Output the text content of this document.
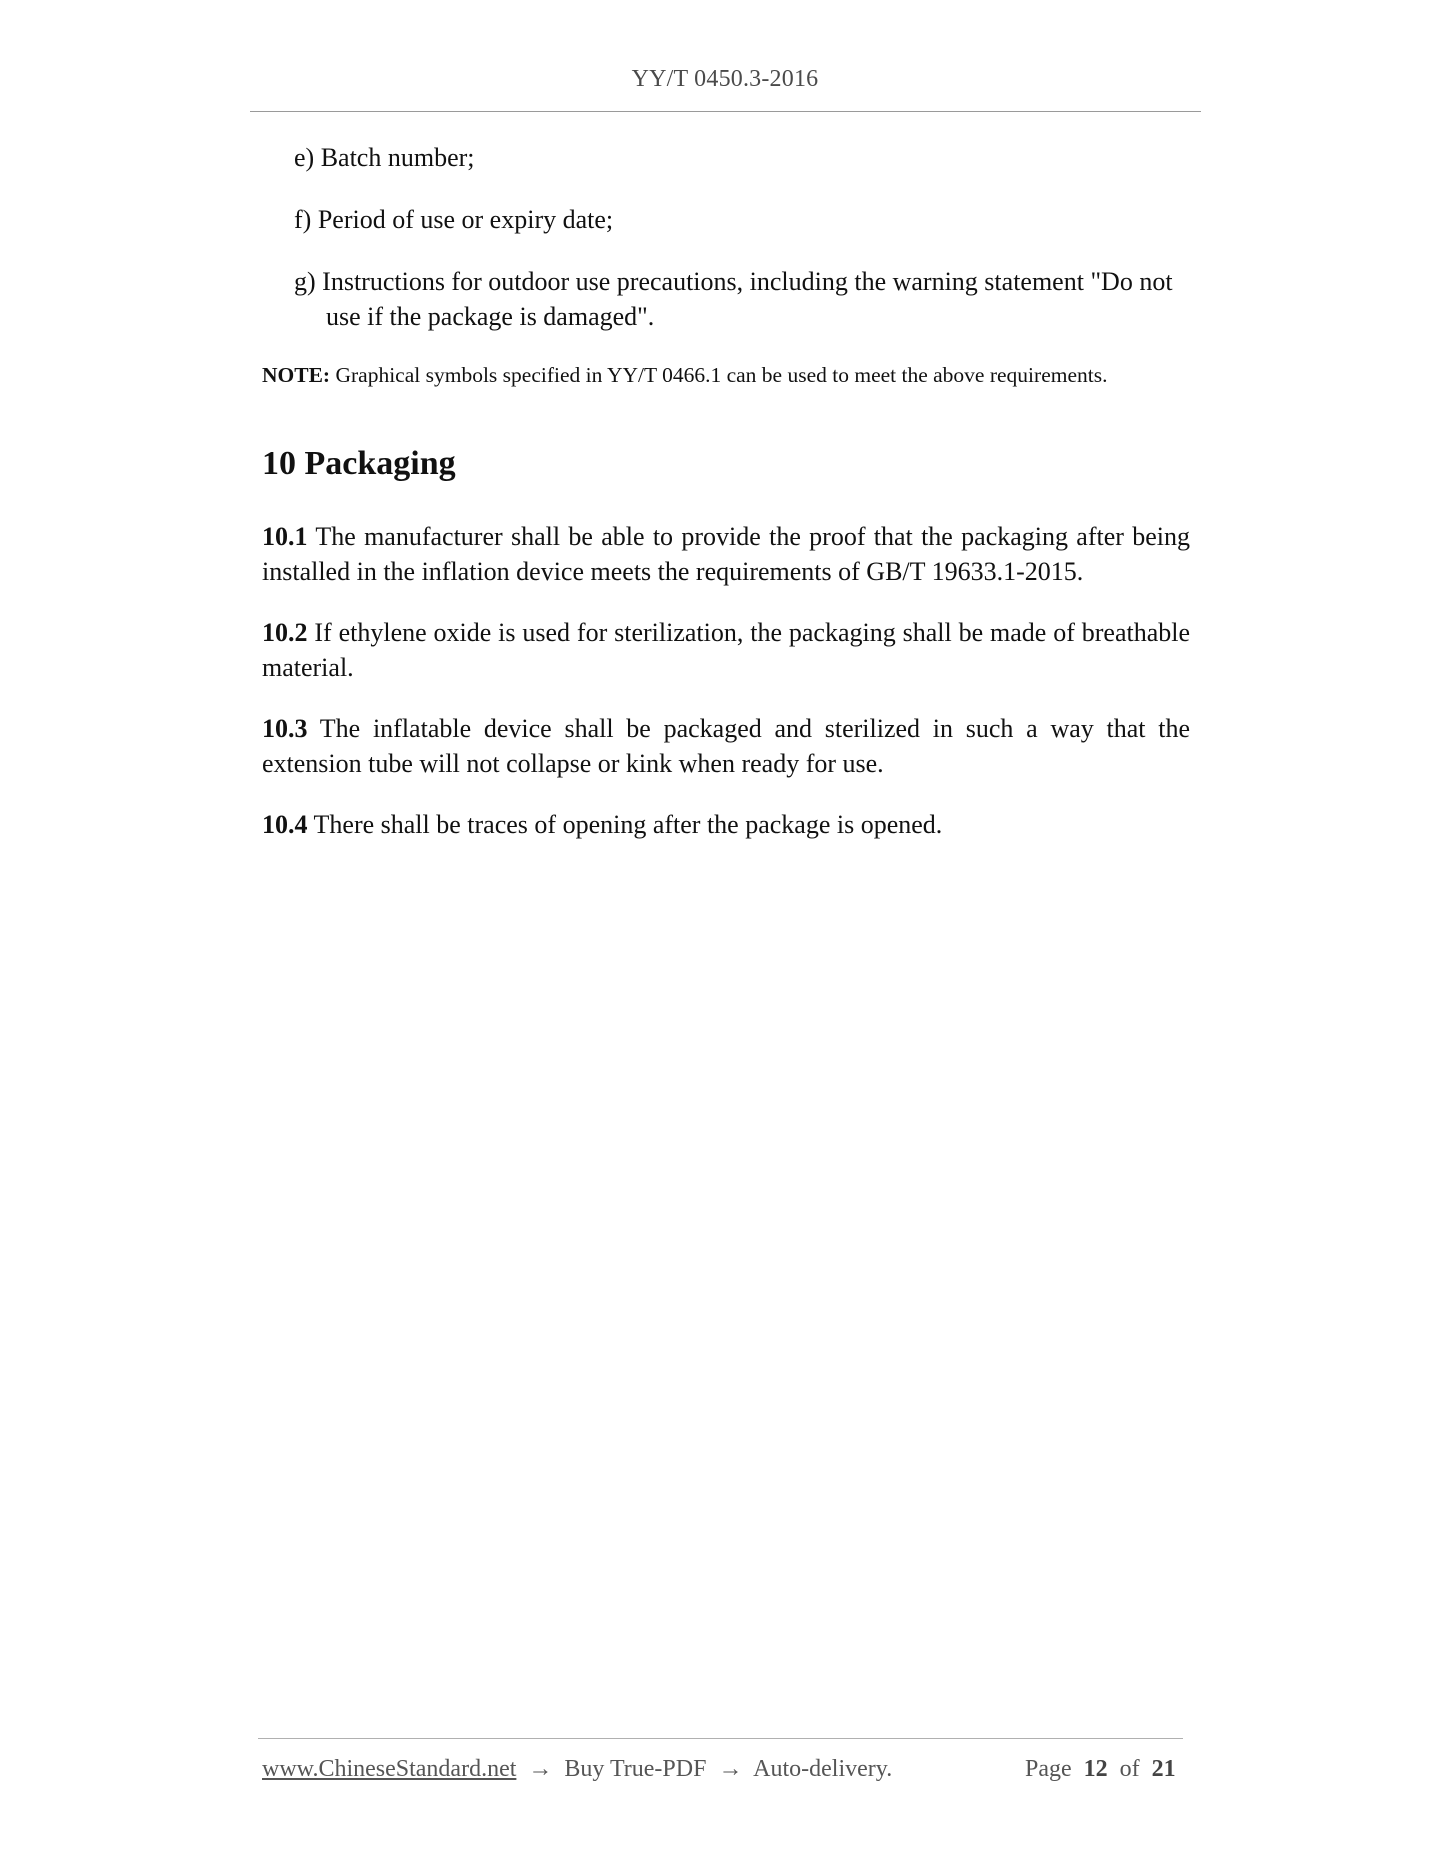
YY/T 0450.3-2016
e) Batch number;
f) Period of use or expiry date;
g) Instructions for outdoor use precautions, including the warning statement "Do not use if the package is damaged".
NOTE: Graphical symbols specified in YY/T 0466.1 can be used to meet the above requirements.
10 Packaging
10.1 The manufacturer shall be able to provide the proof that the packaging after being installed in the inflation device meets the requirements of GB/T 19633.1-2015.
10.2 If ethylene oxide is used for sterilization, the packaging shall be made of breathable material.
10.3 The inflatable device shall be packaged and sterilized in such a way that the extension tube will not collapse or kink when ready for use.
10.4 There shall be traces of opening after the package is opened.
www.ChineseStandard.net → Buy True-PDF → Auto-delivery.	Page 12 of 21
